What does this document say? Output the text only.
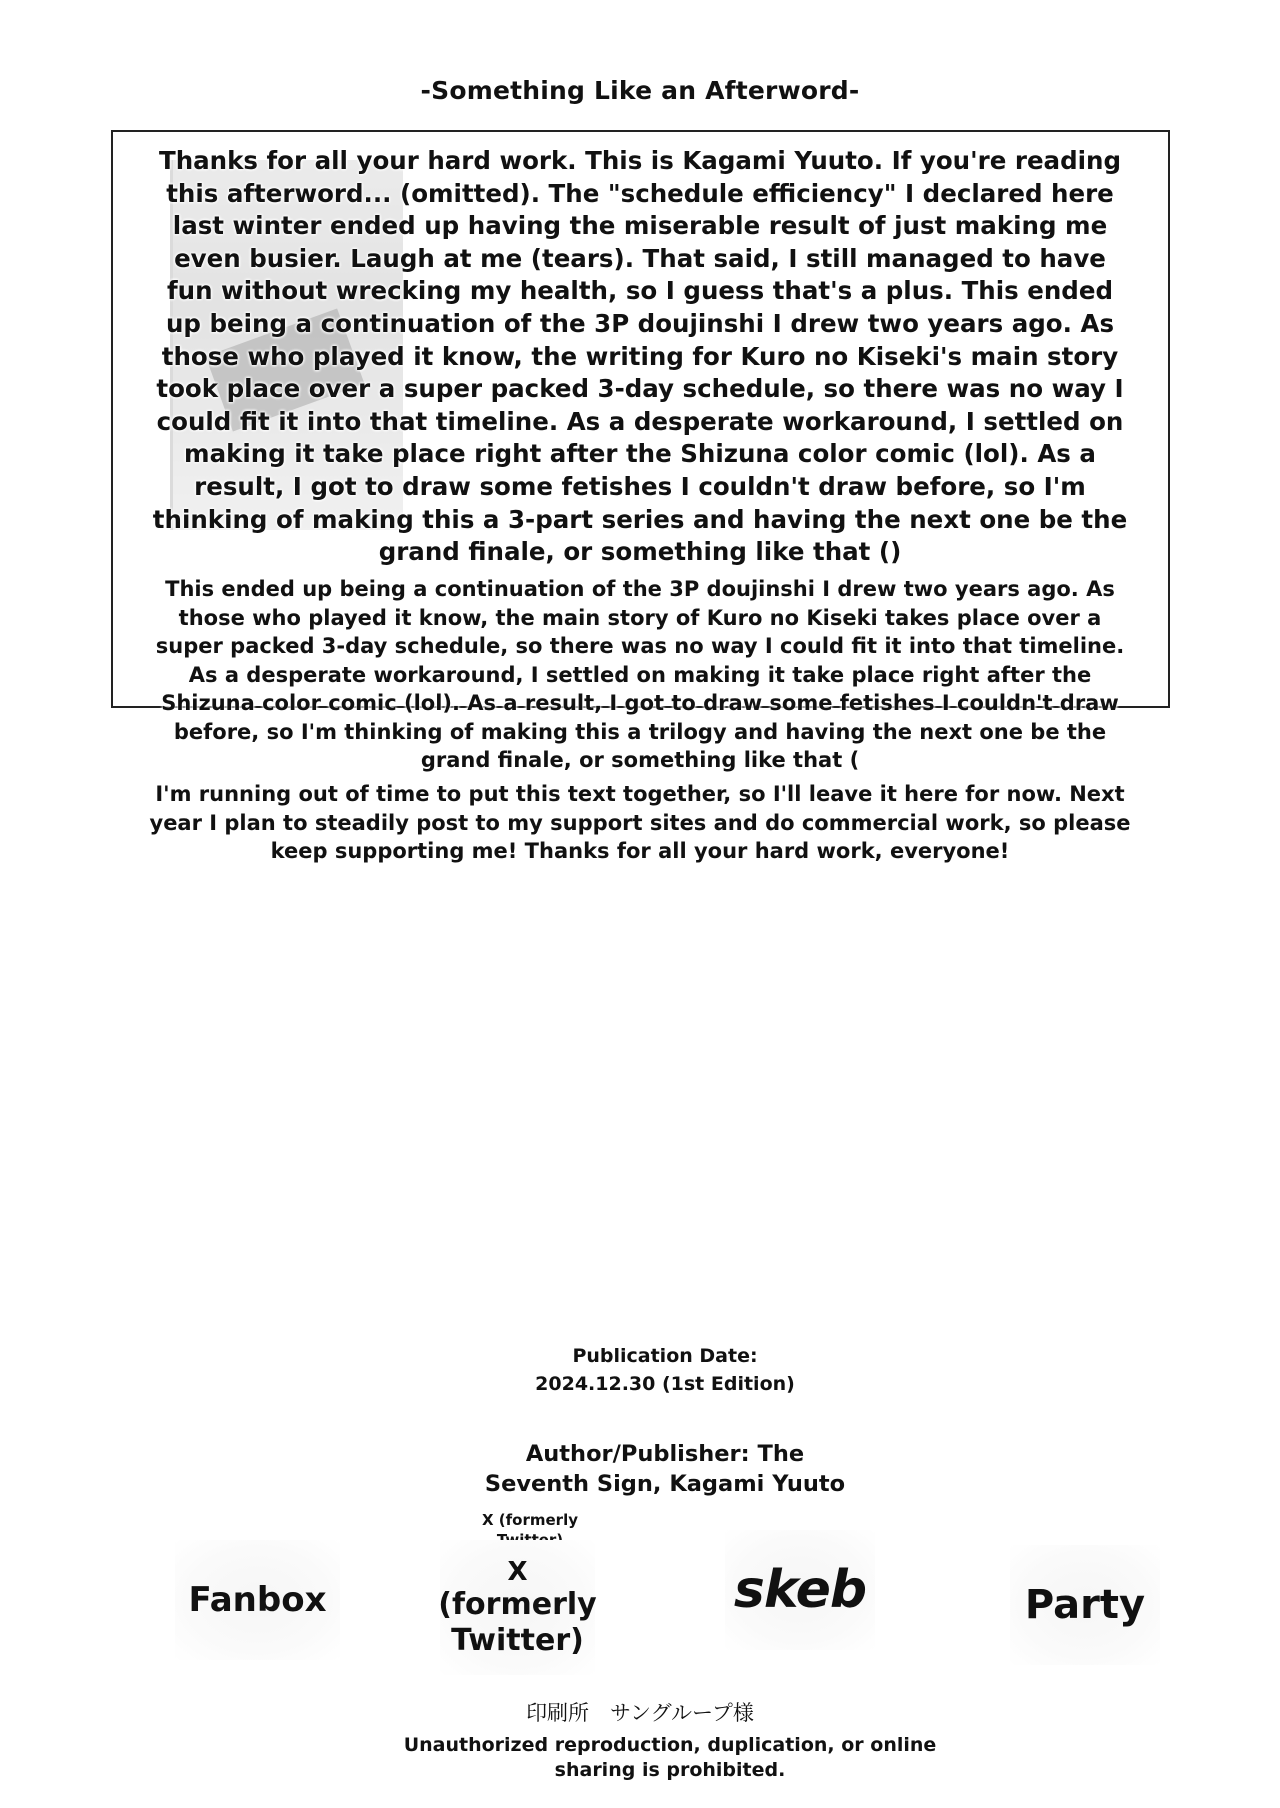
-Something Like an Afterword-
Thanks for all your hard work. This is Kagami Yuuto. If you're reading this afterword... (omitted). The "schedule efficiency" I declared here last winter ended up having the miserable result of just making me even busier. Laugh at me (tears). That said, I still managed to have fun without wrecking my health, so I guess that's a plus. This ended up being a continuation of the 3P doujinshi I drew two years ago. As those who played it know, the writing for Kuro no Kiseki's main story took place over a super packed 3-day schedule, so there was no way I could fit it into that timeline. As a desperate workaround, I settled on making it take place right after the Shizuna color comic (lol). As a result, I got to draw some fetishes I couldn't draw before, so I'm thinking of making this a 3-part series and having the next one be the grand finale, or something like that ()
This ended up being a continuation of the 3P doujinshi I drew two years ago. As those who played it know, the main story of Kuro no Kiseki takes place over a super packed 3-day schedule, so there was no way I could fit it into that timeline. As a desperate workaround, I settled on making it take place right after the Shizuna color comic (lol). As a result, I got to draw some fetishes I couldn't draw before, so I'm thinking of making this a trilogy and having the next one be the grand finale, or something like that (
I'm running out of time to put this text together, so I'll leave it here for now. Next year I plan to steadily post to my support sites and do commercial work, so please keep supporting me! Thanks for all your hard work, everyone!
Publication Date:
2024.12.30 (1st Edition)
Author/Publisher: The
Seventh Sign, Kagami Yuuto
X (formerly
Fanbox
X
(formerly
Twitter)
skeb	Party
印刷所　サングループ様
Unauthorized reproduction, duplication, or online sharing is prohibited.
